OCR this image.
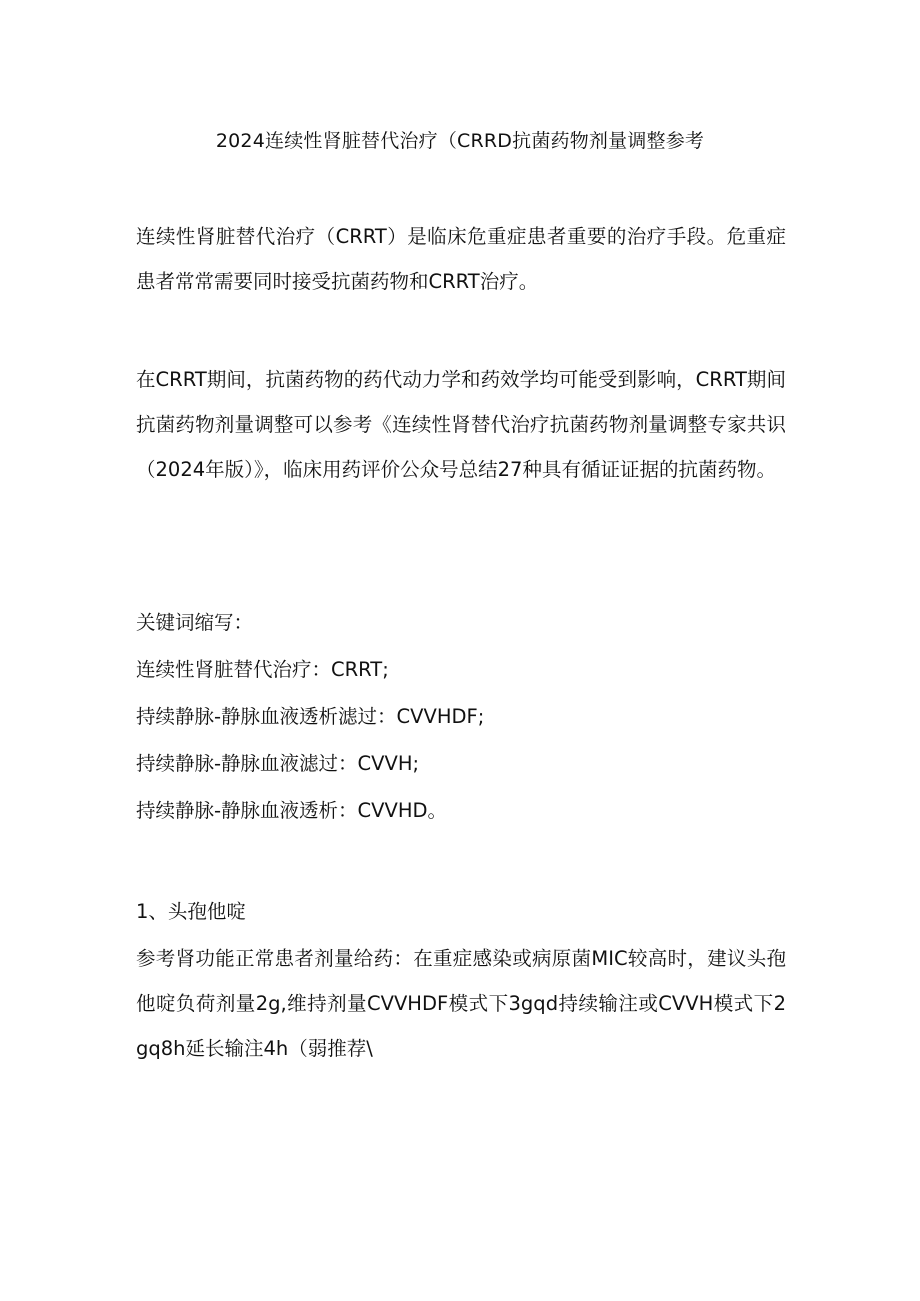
2024连续性肾脏替代治疗（CRRD抗菌药物剂量调整参考
连续性肾脏替代治疗（CRRT）是临床危重症患者重要的治疗手段。危重症患者常常需要同时接受抗菌药物和CRRT治疗。
在CRRT期间，抗菌药物的药代动力学和药效学均可能受到影响，CRRT期间抗菌药物剂量调整可以参考《连续性肾替代治疗抗菌药物剂量调整专家共识（2024年版）》，临床用药评价公众号总结27种具有循证证据的抗菌药物。
关键词缩写：
连续性肾脏替代治疗：CRRT;
持续静脉-静脉血液透析滤过：CVVHDF;
持续静脉-静脉血液滤过：CVVH;
持续静脉-静脉血液透析：CVVHD。
1、头孢他啶
参考肾功能正常患者剂量给药：在重症感染或病原菌MIC较高时，建议头孢他啶负荷剂量2g,维持剂量CVVHDF模式下3gqd持续输注或CVVH模式下2gq8h延长输注4h（弱推荐\
